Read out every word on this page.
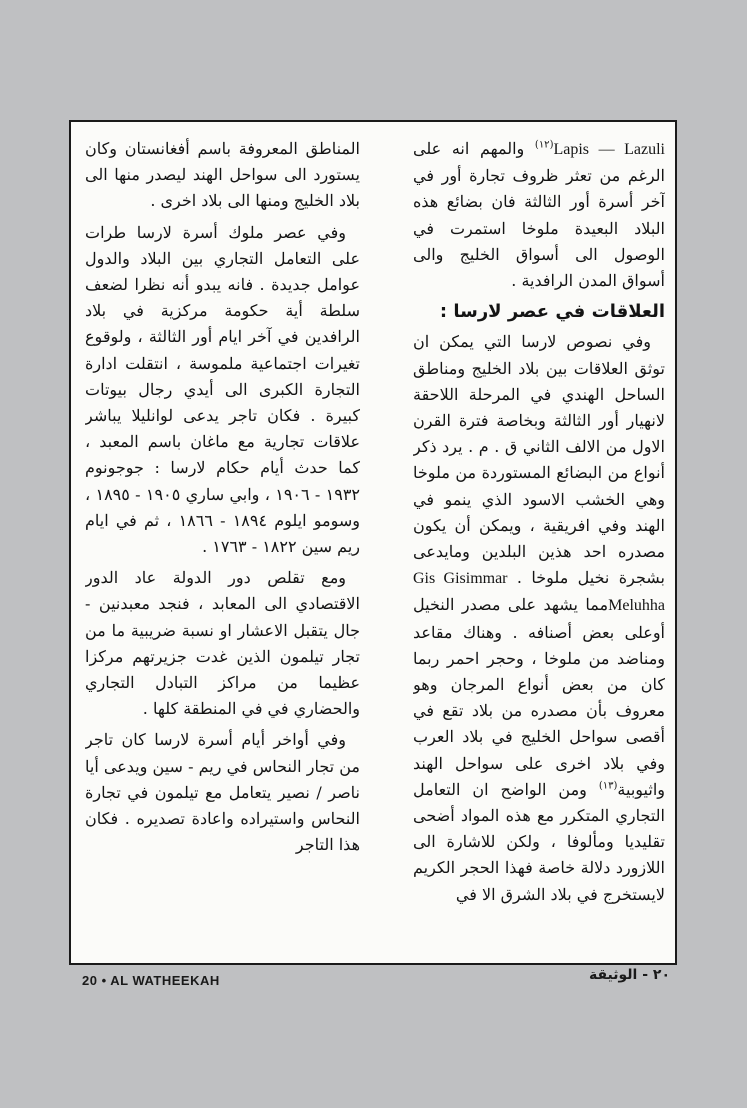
Lapis — Lazuli$^{(١٢)}$ والمهم انه على الرغم من تعثر ظروف تجارة أور في آخر أسرة أور الثالثة فان بضائع هذه البلاد البعيدة ملوخا استمرت في الوصول الى أسواق الخليج والى أسواق المدن الرافدية .

العلاقات في عصر لارسا :

وفي نصوص لارسا التي يمكن ان توثق العلاقات بين بلاد الخليج ومناطق الساحل الهندي في المرحلة اللاحقة لانهيار أور الثالثة وبخاصة فترة القرن الاول من الالف الثاني ق . م . يرد ذكر أنواع من البضائع المستوردة من ملوخا وهي الخشب الاسود الذي ينمو في الهند وفي افريقية ، ويمكن أن يكون مصدره احد هذين البلدين ومايدعى بشجرة نخيل ملوخا Gis Gisimmar . Meluhhaمما يشهد على مصدر النخيل أوعلى بعض أصنافه . وهناك مقاعد ومناضد من ملوخا ، وحجر احمر ربما كان من بعض أنواع المرجان وهو معروف بأن مصدره من بلاد تقع في أقصى سواحل الخليج في بلاد العرب وفي بلاد اخرى على سواحل الهند واثيوبية$^{(١٣)}$ ومن الواضح ان التعامل التجاري المتكرر مع هذه المواد أضحى تقليديا ومألوفا ، ولكن للاشارة الى اللازورد دلالة خاصة فهذا الحجر الكريم لايستخرج في بلاد الشرق الا في

المناطق المعروفة باسم أفغانستان وكان يستورد الى سواحل الهند ليصدر منها الى بلاد الخليج ومنها الى بلاد اخرى .

وفي عصر ملوك أسرة لارسا طرات على التعامل التجاري بين البلاد والدول عوامل جديدة . فانه يبدو أنه نظرا لضعف سلطة أية حكومة مركزية في بلاد الرافدين في آخر ايام أور الثالثة ، ولوقوع تغيرات اجتماعية ملموسة ، انتقلت ادارة التجارة الكبرى الى أيدي رجال بيوتات كبيرة . فكان تاجر يدعى لوانليلا يباشر علاقات تجارية مع ماغان باسم المعبد ، كما حدث أيام حكام لارسا : جوجونوم ١٩٣٢ - ١٩٠٦ ، وابي ساري ١٩٠٥ - ١٨٩٥ ، وسومو ايلوم ١٨٩٤ - ١٨٦٦ ، ثم في ايام ريم سين ١٨٢٢ - ١٧٦٣ .

ومع تقلص دور الدولة عاد الدور الاقتصادي الى المعابد ، فنجد معبدنين - جال يتقبل الاعشار او نسبة ضريبية ما من تجار تيلمون الذين غدت جزيرتهم مركزا عظيما من مراكز التبادل التجاري والحضاري في في المنطقة كلها .

وفي أواخر أيام أسرة لارسا كان تاجر من تجار النحاس في ريم - سين ويدعى أيا ناصر / نصير يتعامل مع تيلمون في تجارة النحاس واستيراده واعادة تصديره . فكان هذا التاجر

20 • AL WATHEEKAH	٢٠ - الوثيقة
